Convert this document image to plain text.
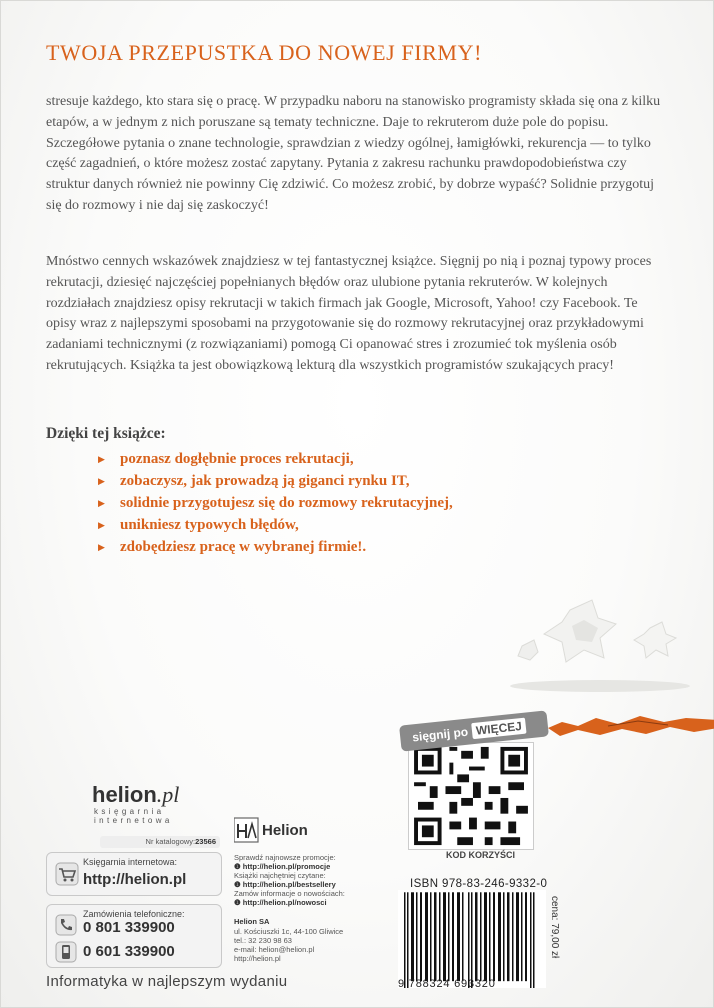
TWOJA PRZEPUSTKA DO NOWEJ FIRMY!

stresuje każdego, kto stara się o pracę. W przypadku naboru na stanowisko programisty składa się ona z kilku etapów, a w jednym z nich poruszane są tematy techniczne. Daje to rekruterom duże pole do popisu. Szczegółowe pytania o znane technologie, sprawdzian z wiedzy ogólnej, łamigłówki, rekurencja — to tylko część zagadnień, o które możesz zostać zapytany. Pytania z zakresu rachunku prawdopodobieństwa czy struktur danych również nie powinny Cię zdziwić. Co możesz zrobić, by dobrze wypaść? Solidnie przygotuj się do rozmowy i nie daj się zaskoczyć!

Mnóstwo cennych wskazówek znajdziesz w tej fantastycznej książce. Sięgnij po nią i poznaj typowy proces rekrutacji, dziesięć najczęściej popełnianych błędów oraz ulubione pytania rekruterów. W kolejnych rozdziałach znajdziesz opisy rekrutacji w takich firmach jak Google, Microsoft, Yahoo! czy Facebook. Te opisy wraz z najlepszymi sposobami na przygotowanie się do rozmowy rekrutacyjnej oraz przykładowymi zadaniami technicznymi (z rozwiązaniami) pomogą Ci opanować stres i zrozumieć tok myślenia osób rekrutujących. Książka ta jest obowiązkową lekturą dla wszystkich programistów szukających pracy!

Dzięki tej książce:

▶ poznasz dogłębnie proces rekrutacji,
▶ zobaczysz, jak prowadzą ją giganci rynku IT,
▶ solidnie przygotujesz się do rozmowy rekrutacyjnej,
▶ unikniesz typowych błędów,
▶ zdobędziesz pracę w wybranej firmie!.
sięgnij po WIĘCEJ
KOD KORZYŚCI
ISBN 978-83-246-9332-0
9 788324 693320
cena: 79,00 zł
helion.pl
księgarnia
internetowa
Nr katalogowy:23566
Księgarnia internetowa:
http://helion.pl
Zamówienia telefoniczne:
0 801 339900
0 601 339900
Informatyka w najlepszym wydaniu
Helion
Sprawdź najnowsze promocje:
❶ http://helion.pl/promocje
Książki najchętniej czytane:
❶ http://helion.pl/bestsellery
Zamów informacje o nowościach:
❶ http://helion.pl/nowosci
Helion SA
ul. Kościuszki 1c, 44-100 Gliwice
tel.: 32 230 98 63
e-mail: helion@helion.pl
http://helion.pl
